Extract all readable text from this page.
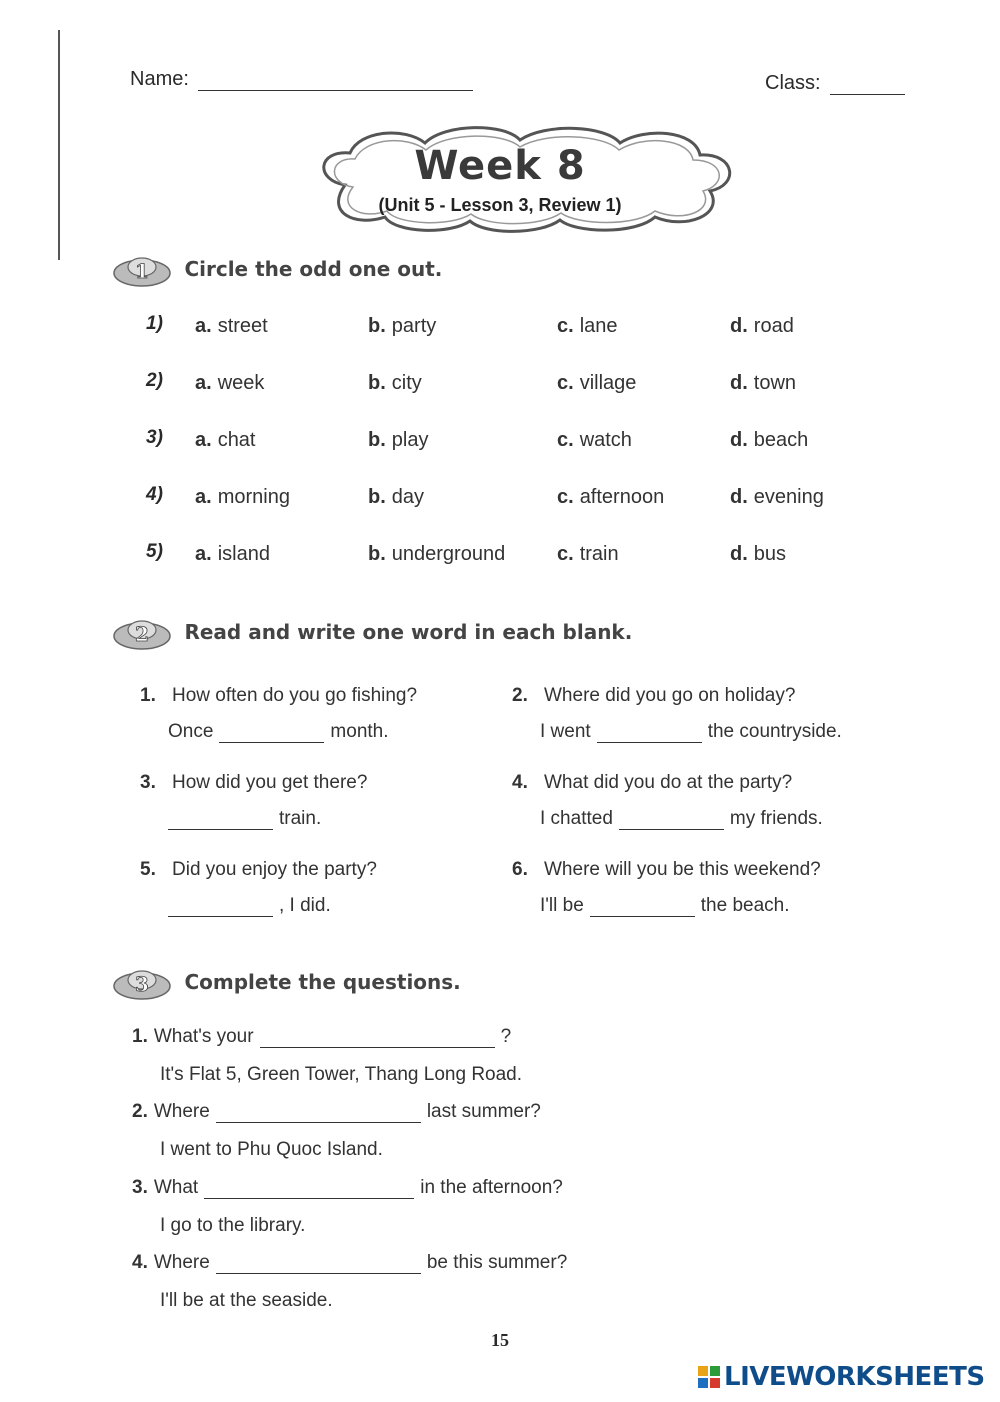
Name:	Class:
Week 8
(Unit 5 - Lesson 3, Review 1)
1 Circle the odd one out.
1) a. street	b. party	c. lane	d. road
2) a. week	b. city	c. village	d. town
3) a. chat	b. play	c. watch	d. beach
4) a. morning	b. day	c. afternoon	d. evening
5) a. island	b. underground	c. train	d. bus
2 Read and write one word in each blank.
1. How often do you go fishing?
Once	month.
2. Where did you go on holiday?
I went	the countryside.
3. How did you get there?
train.
4. What did you do at the party?
I chatted	my friends.
5. Did you enjoy the party?
, I did.
6. Where will you be this weekend?
I'll be	the beach.
3 Complete the questions.
1. What's your	?
It's Flat 5, Green Tower, Thang Long Road.
2. Where	last summer?
I went to Phu Quoc Island.
3. What	in the afternoon?
I go to the library.
4. Where	be this summer?
I'll be at the seaside.
15
LIVEWORKSHEETS
